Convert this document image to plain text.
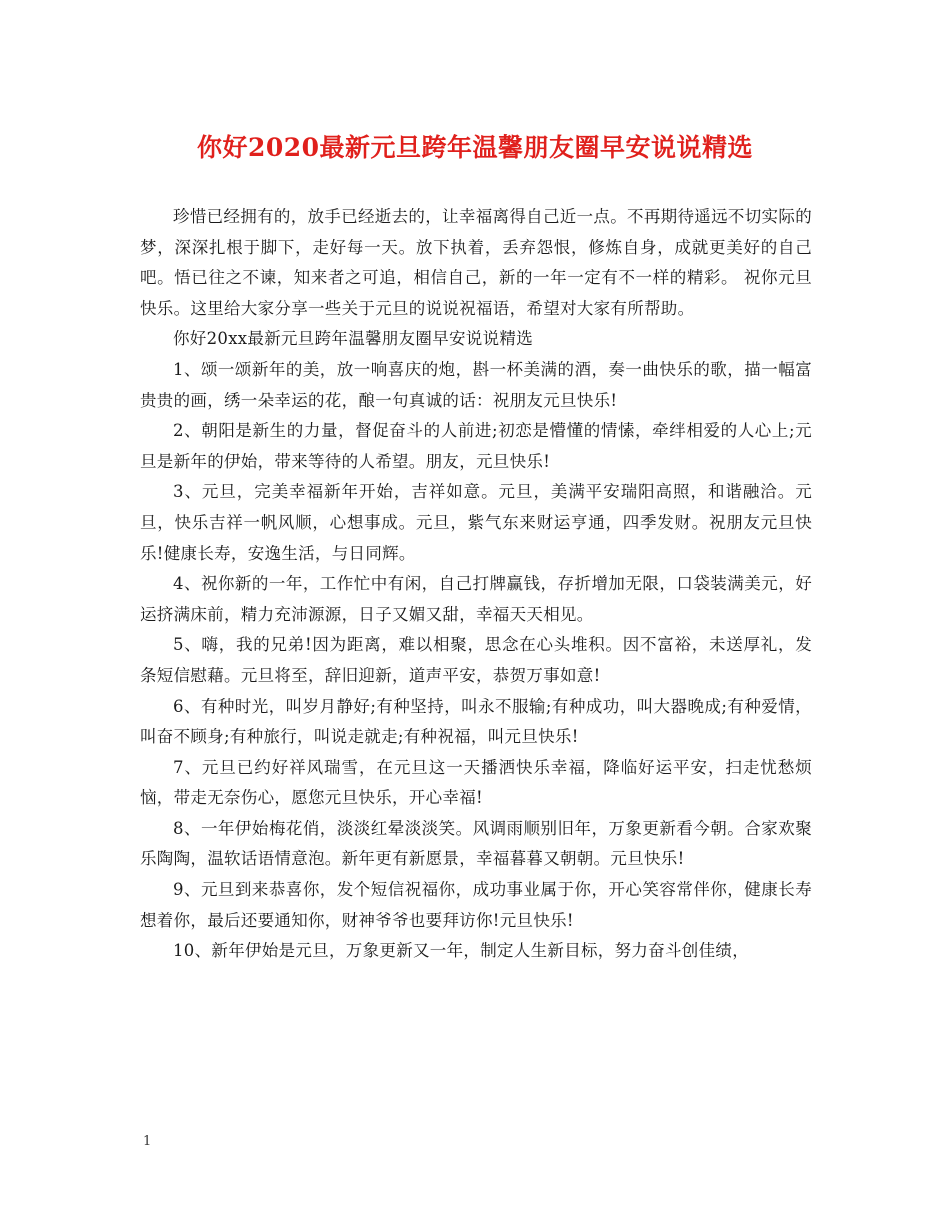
你好2020最新元旦跨年温馨朋友圈早安说说精选

珍惜已经拥有的，放手已经逝去的，让幸福离得自己近一点。不再期待遥远不切实际的梦，深深扎根于脚下，走好每一天。放下执着，丢弃怨恨，修炼自身，成就更美好的自己吧。悟已往之不谏，知来者之可追，相信自己，新的一年一定有不一样的精彩。 祝你元旦快乐。这里给大家分享一些关于元旦的说说祝福语，希望对大家有所帮助。

你好20xx最新元旦跨年温馨朋友圈早安说说精选

1、颂一颂新年的美，放一响喜庆的炮，斟一杯美满的酒，奏一曲快乐的歌，描一幅富贵贵的画，绣一朵幸运的花，酿一句真诚的话：祝朋友元旦快乐!

2、朝阳是新生的力量，督促奋斗的人前进;初恋是懵懂的情愫，牵绊相爱的人心上;元旦是新年的伊始，带来等待的人希望。朋友，元旦快乐!

3、元旦，完美幸福新年开始，吉祥如意。元旦，美满平安瑞阳高照，和谐融洽。元旦，快乐吉祥一帆风顺，心想事成。元旦，紫气东来财运亨通，四季发财。祝朋友元旦快乐!健康长寿，安逸生活，与日同辉。

4、祝你新的一年，工作忙中有闲，自己打牌赢钱，存折增加无限，口袋装满美元，好运挤满床前，精力充沛源源，日子又媚又甜，幸福天天相见。

5、嗨，我的兄弟!因为距离，难以相聚，思念在心头堆积。因不富裕，未送厚礼，发条短信慰藉。元旦将至，辞旧迎新，道声平安，恭贺万事如意!

6、有种时光，叫岁月静好;有种坚持，叫永不服输;有种成功，叫大器晚成;有种爱情，叫奋不顾身;有种旅行，叫说走就走;有种祝福，叫元旦快乐!

7、元旦已约好祥风瑞雪，在元旦这一天播洒快乐幸福，降临好运平安，扫走忧愁烦恼，带走无奈伤心，愿您元旦快乐，开心幸福!

8、一年伊始梅花俏，淡淡红晕淡淡笑。风调雨顺别旧年，万象更新看今朝。合家欢聚乐陶陶，温软话语情意泡。新年更有新愿景，幸福暮暮又朝朝。元旦快乐!

9、元旦到来恭喜你，发个短信祝福你，成功事业属于你，开心笑容常伴你，健康长寿想着你，最后还要通知你，财神爷爷也要拜访你!元旦快乐!

10、新年伊始是元旦，万象更新又一年，制定人生新目标，努力奋斗创佳绩，

1
